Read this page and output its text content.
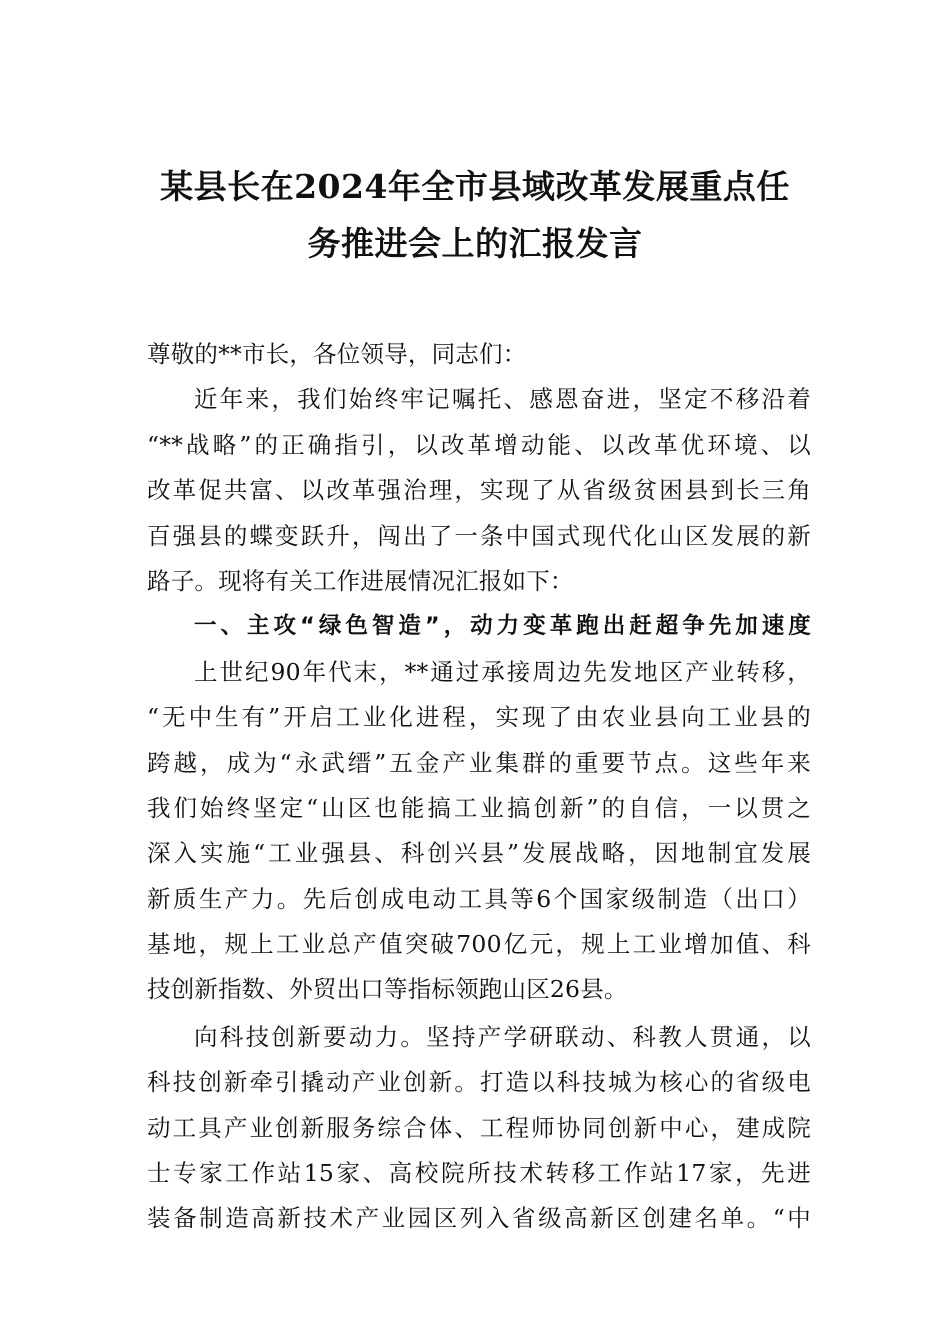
某县长在2024年全市县域改革发展重点任
务推进会上的汇报发言
尊敬的**市长，各位领导，同志们：
近年来，我们始终牢记嘱托、感恩奋进，坚定不移沿着
“**战略”的正确指引，以改革增动能、以改革优环境、以
改革促共富、以改革强治理，实现了从省级贫困县到长三角
百强县的蝶变跃升，闯出了一条中国式现代化山区发展的新
路子。现将有关工作进展情况汇报如下：
一、主攻“绿色智造”，动力变革跑出赶超争先加速度
上世纪90年代末，**通过承接周边先发地区产业转移，
“无中生有”开启工业化进程，实现了由农业县向工业县的
跨越，成为“永武缙”五金产业集群的重要节点。这些年来
我们始终坚定“山区也能搞工业搞创新”的自信，一以贯之
深入实施“工业强县、科创兴县”发展战略，因地制宜发展
新质生产力。先后创成电动工具等6个国家级制造（出口）
基地，规上工业总产值突破700亿元，规上工业增加值、科
技创新指数、外贸出口等指标领跑山区26县。
向科技创新要动力。坚持产学研联动、科教人贯通，以
科技创新牵引撬动产业创新。打造以科技城为核心的省级电
动工具产业创新服务综合体、工程师协同创新中心，建成院
士专家工作站15家、高校院所技术转移工作站17家，先进
装备制造高新技术产业园区列入省级高新区创建名单。“中
